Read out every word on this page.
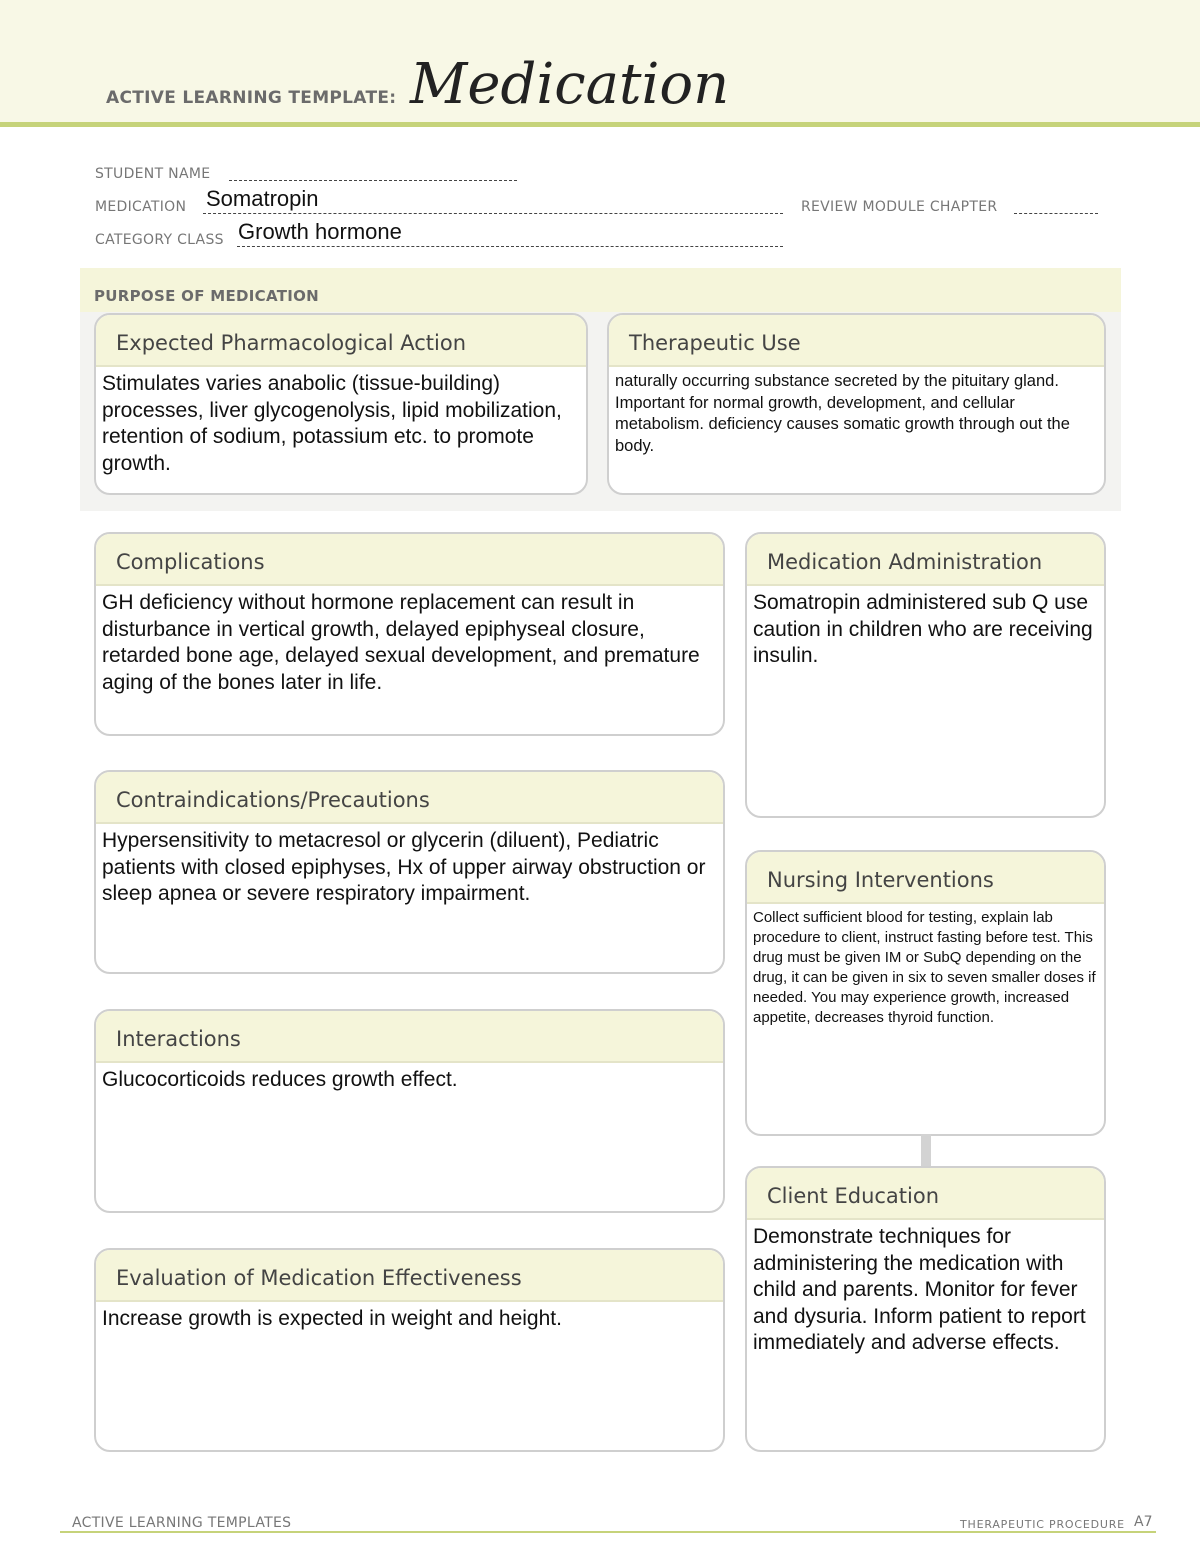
ACTIVE LEARNING TEMPLATE: Medication
STUDENT NAME
MEDICATION Somatropin	REVIEW MODULE CHAPTER
CATEGORY CLASS Growth hormone
PURPOSE OF MEDICATION
Expected Pharmacological Action
Stimulates varies anabolic (tissue-building) processes, liver glycogenolysis, lipid mobilization, retention of sodium, potassium etc. to promote growth.
Therapeutic Use
naturally occurring substance secreted by the pituitary gland. Important for normal growth, development, and cellular metabolism. deficiency causes somatic growth through out the body.
Complications
GH deficiency without hormone replacement can result in disturbance in vertical growth, delayed epiphyseal closure, retarded bone age, delayed sexual development, and premature aging of the bones later in life.
Contraindications/Precautions
Hypersensitivity to metacresol or glycerin (diluent), Pediatric patients with closed epiphyses, Hx of upper airway obstruction or sleep apnea or severe respiratory impairment.
Interactions
Glucocorticoids reduces growth effect.
Evaluation of Medication Effectiveness
Increase growth is expected in weight and height.
Medication Administration
Somatropin administered sub Q use caution in children who are receiving insulin.
Nursing Interventions
Collect sufficient blood for testing, explain lab procedure to client, instruct fasting before test. This drug must be given IM or SubQ depending on the drug, it can be given in six to seven smaller doses if needed. You may experience growth, increased appetite, decreases thyroid function.
Client Education
Demonstrate techniques for administering the medication with child and parents. Monitor for fever and dysuria. Inform patient to report immediately and adverse effects.
ACTIVE LEARNING TEMPLATES	THERAPEUTIC PROCEDURE A7
